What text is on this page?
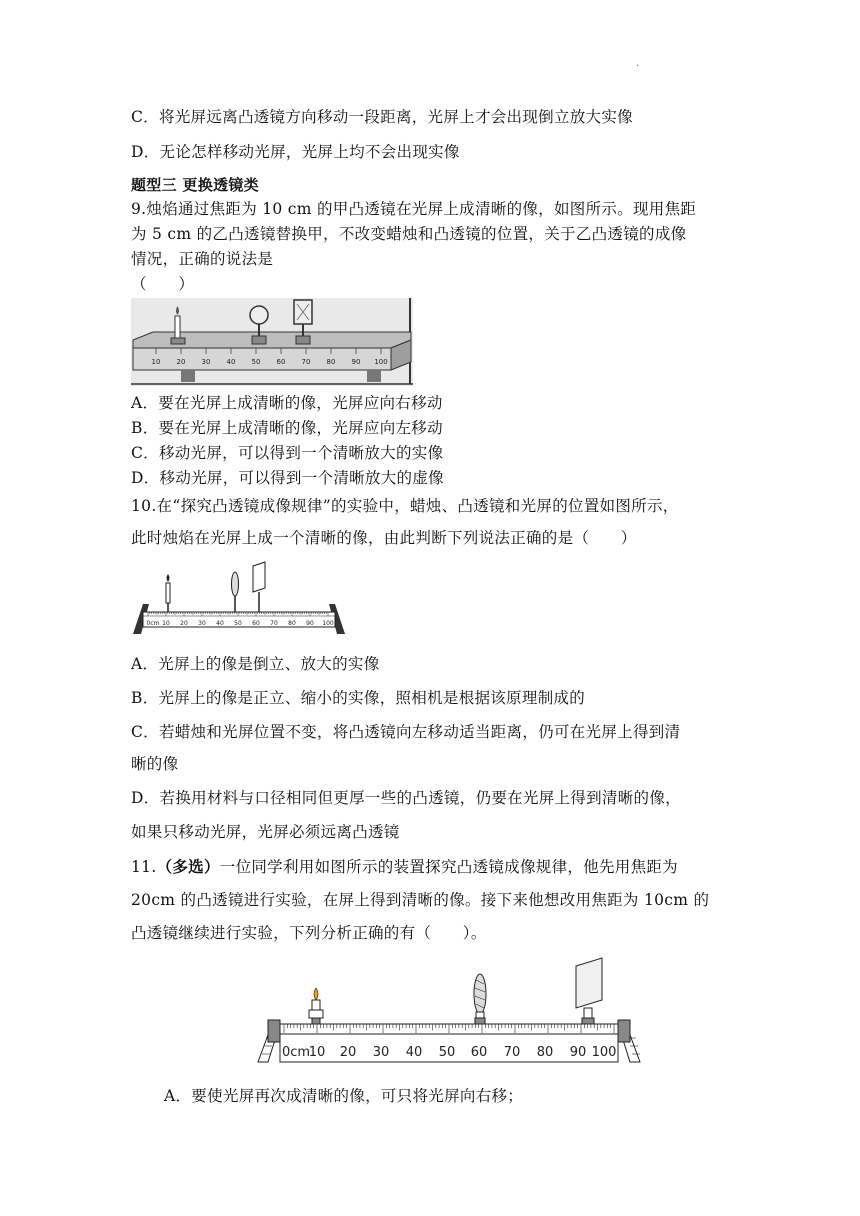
.
C．将光屏远离凸透镜方向移动一段距离，光屏上才会出现倒立放大实像
D．无论怎样移动光屏，光屏上均不会出现实像
题型三 更换透镜类
9.烛焰通过焦距为 10 cm 的甲凸透镜在光屏上成清晰的像，如图所示。现用焦距
为 5 cm 的乙凸透镜替换甲，不改变蜡烛和凸透镜的位置，关于乙凸透镜的成像
情况，正确的说法是
（　　）
10 20 30 40 50 60 70 80 90 100
A．要在光屏上成清晰的像，光屏应向右移动
B．要在光屏上成清晰的像，光屏应向左移动
C．移动光屏，可以得到一个清晰放大的实像
D．移动光屏，可以得到一个清晰放大的虚像
10.在“探究凸透镜成像规律”的实验中，蜡烛、凸透镜和光屏的位置如图所示，
此时烛焰在光屏上成一个清晰的像，由此判断下列说法正确的是（　　）
0cm 10 20 30 40 50 60 70 80 90 100
A．光屏上的像是倒立、放大的实像
B．光屏上的像是正立、缩小的实像，照相机是根据该原理制成的
C．若蜡烛和光屏位置不变，将凸透镜向左移动适当距离，仍可在光屏上得到清
晰的像
D．若换用材料与口径相同但更厚一些的凸透镜，仍要在光屏上得到清晰的像，
如果只移动光屏，光屏必须远离凸透镜
11.（多选）一位同学利用如图所示的装置探究凸透镜成像规律，他先用焦距为
20cm 的凸透镜进行实验，在屏上得到清晰的像。接下来他想改用焦距为 10cm 的
凸透镜继续进行实验，下列分析正确的有（　　）。
0cm
10 20 30 40 50 60 70 80 90 100
A．要使光屏再次成清晰的像，可只将光屏向右移；
